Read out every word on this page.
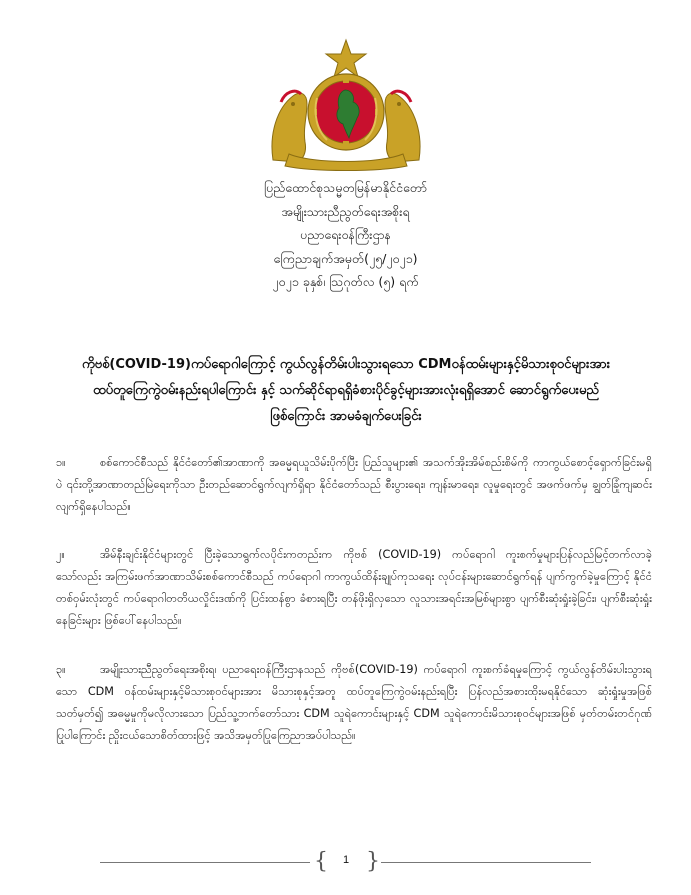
ပြည်ထောင်စုသမ္မတမြန်မာနိုင်ငံတော်
အမျိုးသားညီညွတ်ရေးအစိုးရ
ပညာရေးဝန်ကြီးဌာန
ကြေညာချက်အမှတ်(၂၅/၂၀၂၁)
၂၀၂၁ ခုနှစ်၊ ဩဂုတ်လ (၅) ရက်
ကိုဗစ်(COVID-19)ကပ်ရောဂါကြောင့် ကွယ်လွန်တိမ်းပါးသွားရသော CDMဝန်ထမ်းများနှင့်မိသားစုဝင်များအား
ထပ်တူကြေကွဲဝမ်းနည်းရပါကြောင်း နှင့် သက်ဆိုင်ရာရရှိခံစားပိုင်ခွင့်များအားလုံးရရှိအောင် ဆောင်ရွက်ပေးမည်
ဖြစ်ကြောင်း အာမခံချက်ပေးခြင်း
၁။	စစ်ကောင်စီသည် နိုင်ငံတော်၏အာဏာကို အဓမ္မရယူသိမ်းပိုက်ပြီး ပြည်သူများ၏ အသက်အိုးအိမ်စည်းစိမ်ကို ကာကွယ်စောင့်ရှောက်ခြင်းမရှိပဲ ၎င်းတို့အာဏာတည်မြဲရေးကိုသာ ဦးတည်ဆောင်ရွက်လျက်ရှိရာ နိုင်ငံတော်သည် စီးပွားရေး၊ ကျန်းမာရေး၊ လူမှုရေးတွင် အဖက်ဖက်မှ ချွတ်ခြုံကျဆင်းလျက်ရှိနေပါသည်။
၂။	အိမ်နီးချင်းနိုင်ငံများတွင် ပြီးခဲ့သောရွက်လပိုင်းကတည်းက ကိုဗစ် (COVID-19) ကပ်ရောဂါ ကူးစက်မှုများပြန်လည်မြင့်တက်လာခဲ့သော်လည်း အကြမ်းဖက်အာဏာသိမ်းစစ်ကောင်စီသည် ကပ်ရောဂါ ကာကွယ်ထိန်းချုပ်ကုသရေး လုပ်ငန်းများဆောင်ရွက်ရန် ပျက်ကွက်ခဲ့မှုကြောင့် နိုင်ငံတစ်ဝှမ်းလုံးတွင် ကပ်ရောဂါတတိယလှိုင်းဒဏ်ကို ပြင်းထန်စွာ ခံစားရပြီး တန်ဖိုးရှိလှသော လူသားအရင်းအမြစ်များစွာ ပျက်စီးဆုံးရှုံးခဲ့ခြင်း၊ ပျက်စီးဆုံးရှုံးနေခြင်းများ ဖြစ်ပေါ်နေပါသည်။
၃။	အမျိုးသားညီညွတ်ရေးအစိုးရ၊ ပညာရေးဝန်ကြီးဌာနသည် ကိုဗစ်(COVID-19) ကပ်ရောဂါ ကူးစက်ခံရမှုကြောင့် ကွယ်လွန်တိမ်းပါးသွားရသော CDM ဝန်ထမ်းများနှင့်မိသားစုဝင်များအား မိသားစုနှင့်အတူ ထပ်တူကြေကွဲဝမ်းနည်းရပြီး ပြန်လည်အစားထိုးမရနိုင်သော ဆုံးရှုံးမှုအဖြစ်သတ်မှတ်၍ အဓမ္မမှုကိုမလိုလားသော ပြည်သူ့ဘက်တော်သား CDM သူရဲကောင်းများနှင့် CDM သူရဲကောင်းမိသားစုဝင်များအဖြစ် မှတ်တမ်းတင်ဂုဏ်ပြုပါကြောင်း ညှိုးငယ်သောစိတ်ထားဖြင့် အသိအမှတ်ပြုကြေညာအပ်ပါသည်။
{	1 }
